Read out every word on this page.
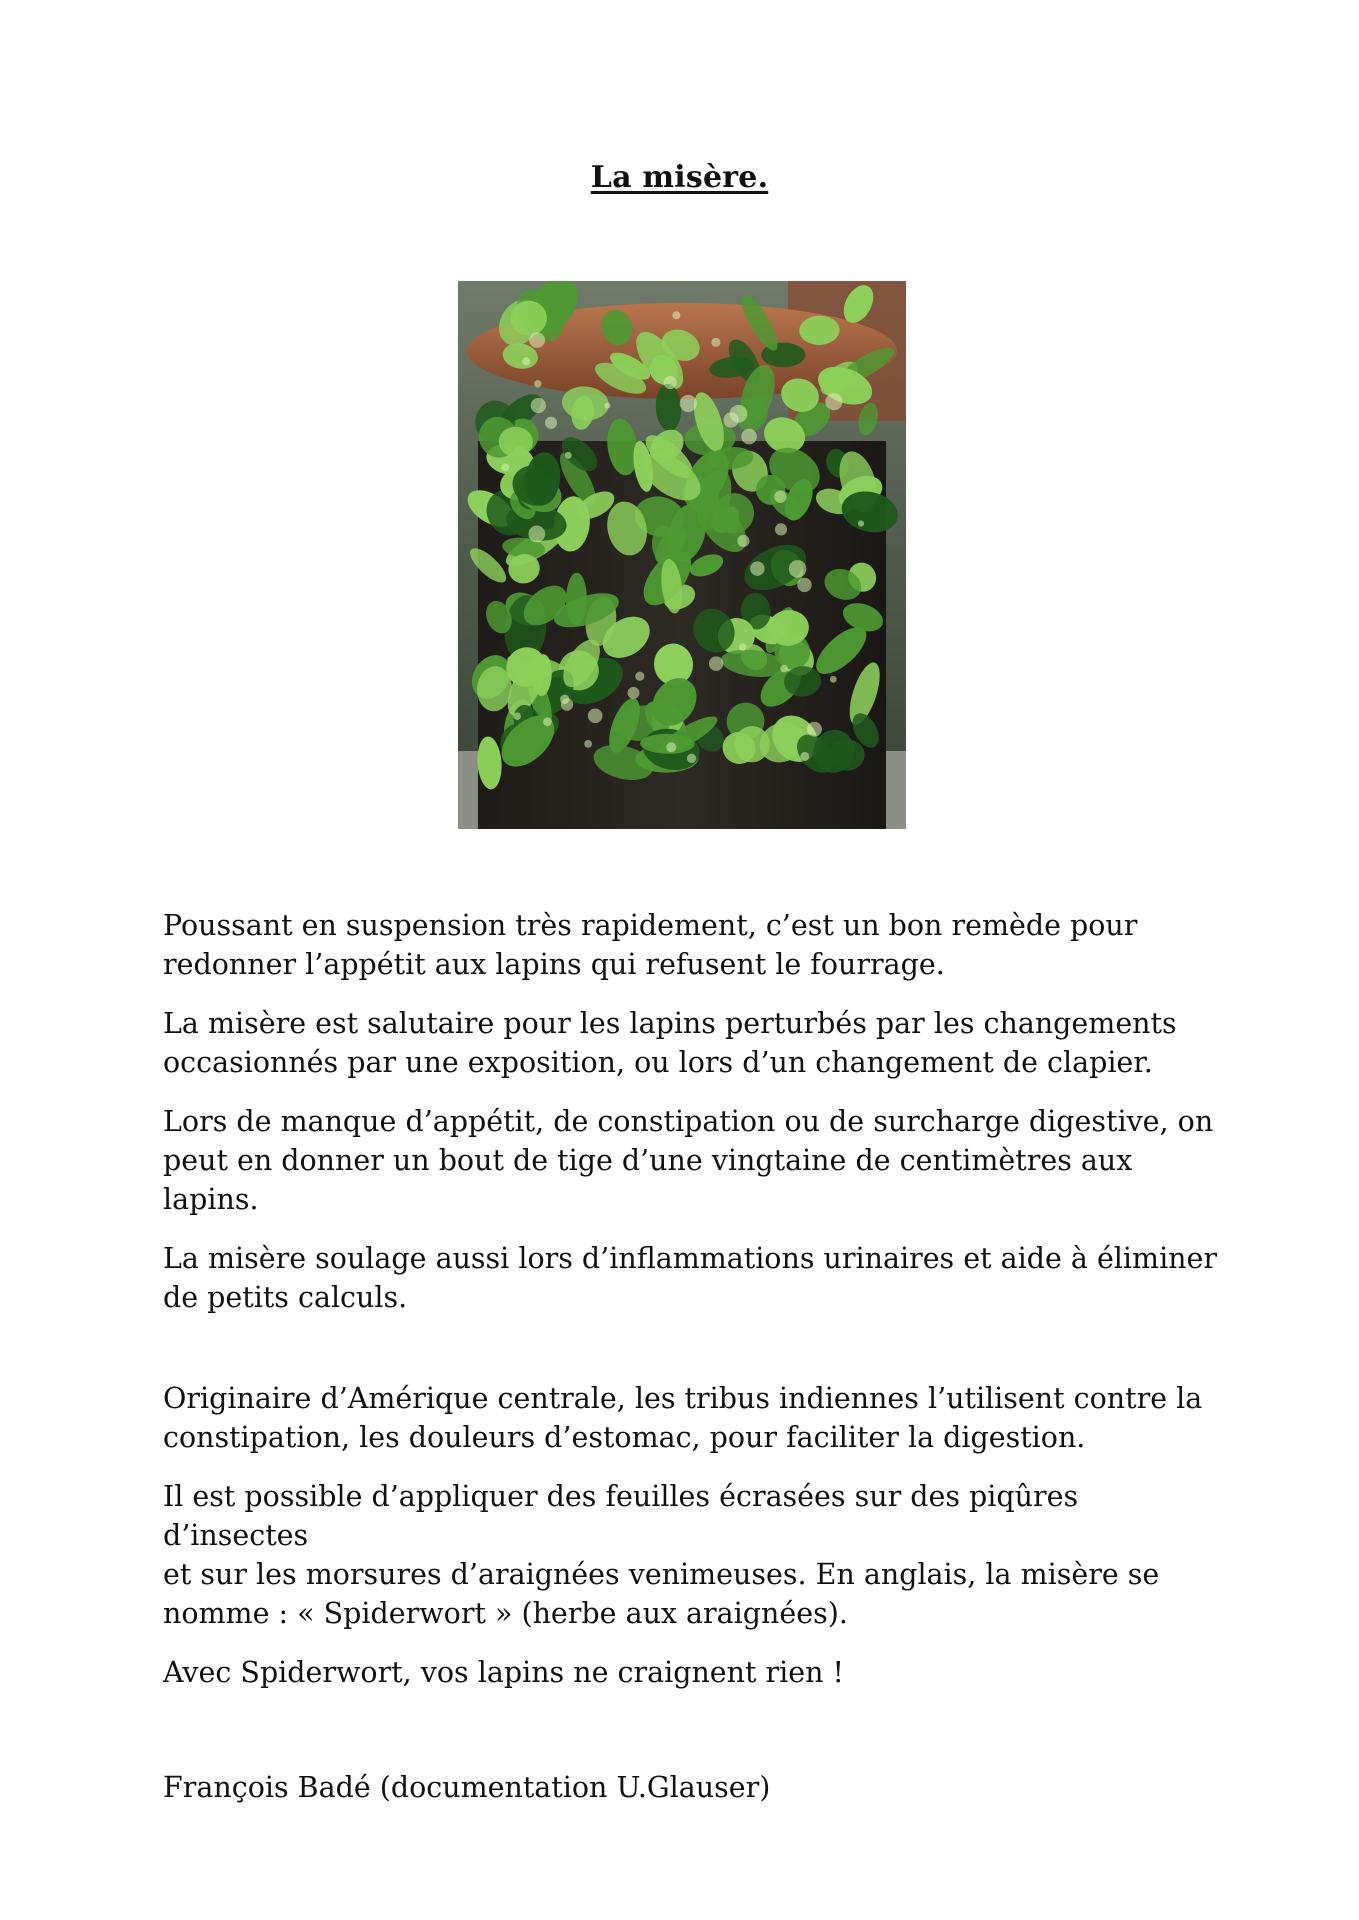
La misère.

Poussant en suspension très rapidement, c’est un bon remède pour
redonner l’appétit aux lapins qui refusent le fourrage.

La misère est salutaire pour les lapins perturbés par les changements
occasionnés par une exposition, ou lors d’un changement de clapier.

Lors de manque d’appétit, de constipation ou de surcharge digestive, on
peut en donner un bout de tige d’une vingtaine de centimètres aux lapins.

La misère soulage aussi lors d’inflammations urinaires et aide à éliminer
de petits calculs.

Originaire d’Amérique centrale, les tribus indiennes l’utilisent contre la
constipation, les douleurs d’estomac, pour faciliter la digestion.

Il est possible d’appliquer des feuilles écrasées sur des piqûres d’insectes
et sur les morsures d’araignées venimeuses. En anglais, la misère se
nomme : « Spiderwort » (herbe aux araignées).

Avec Spiderwort, vos lapins ne craignent rien !

François Badé (documentation U.Glauser)
